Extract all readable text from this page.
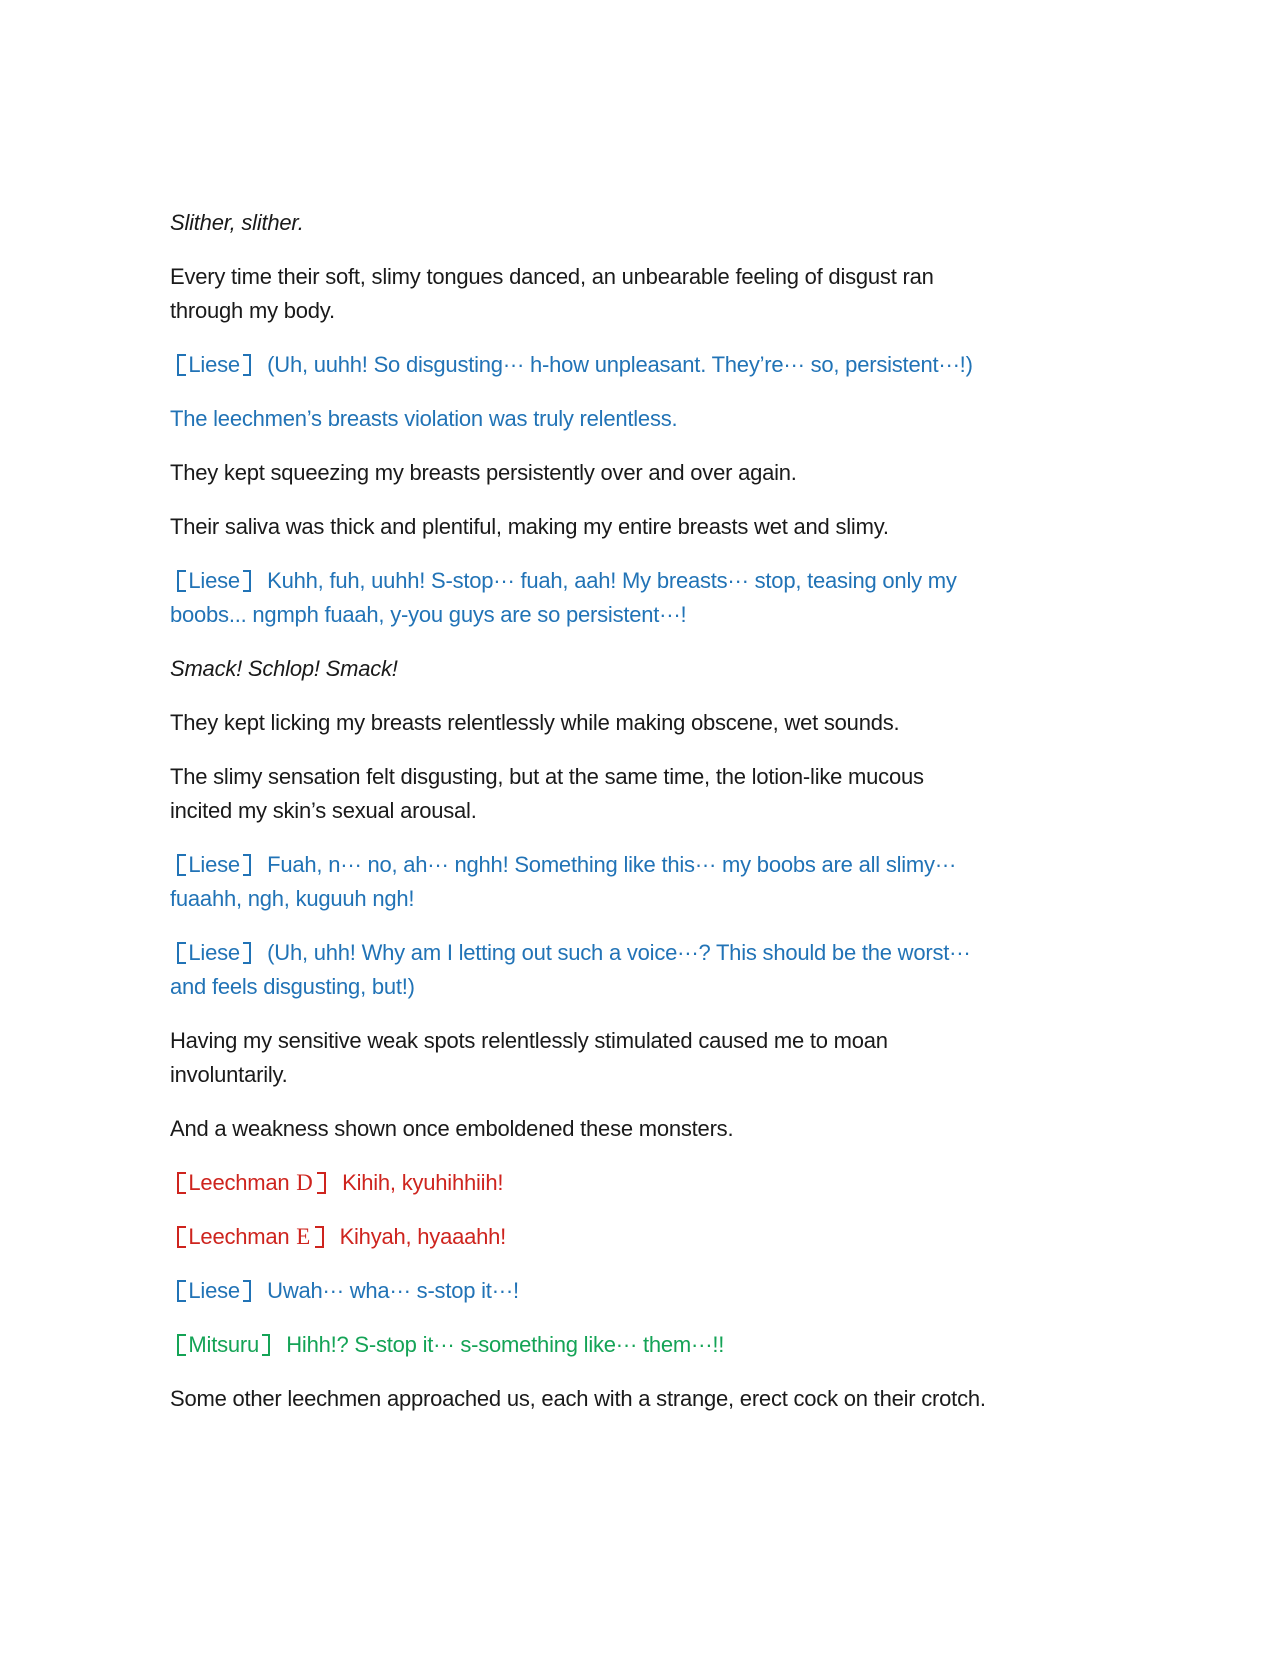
Slither, slither.

Every time their soft, slimy tongues danced, an unbearable feeling of disgust ran
through my body.

Liese (Uh, uuhh! So disgusting··· h-how unpleasant. They’re··· so, persistent···!)

The leechmen’s breasts violation was truly relentless.

They kept squeezing my breasts persistently over and over again.

Their saliva was thick and plentiful, making my entire breasts wet and slimy.

Liese Kuhh, fuh, uuhh! S-stop··· fuah, aah! My breasts··· stop, teasing only my
boobs... ngmph fuaah, y-you guys are so persistent···!

Smack! Schlop! Smack!

They kept licking my breasts relentlessly while making obscene, wet sounds.

The slimy sensation felt disgusting, but at the same time, the lotion-like mucous
incited my skin’s sexual arousal.

Liese Fuah, n··· no, ah··· nghh! Something like this··· my boobs are all slimy···
fuaahh, ngh, kuguuh ngh!

Liese (Uh, uhh! Why am I letting out such a voice···? This should be the worst···
and feels disgusting, but!)

Having my sensitive weak spots relentlessly stimulated caused me to moan
involuntarily.

And a weakness shown once emboldened these monsters.

Leechman D Kihih, kyuhihhiih!

Leechman E Kihyah, hyaaahh!

Liese Uwah··· wha··· s-stop it···!

Mitsuru Hihh!? S-stop it··· s-something like··· them···!!

Some other leechmen approached us, each with a strange, erect cock on their crotch.
